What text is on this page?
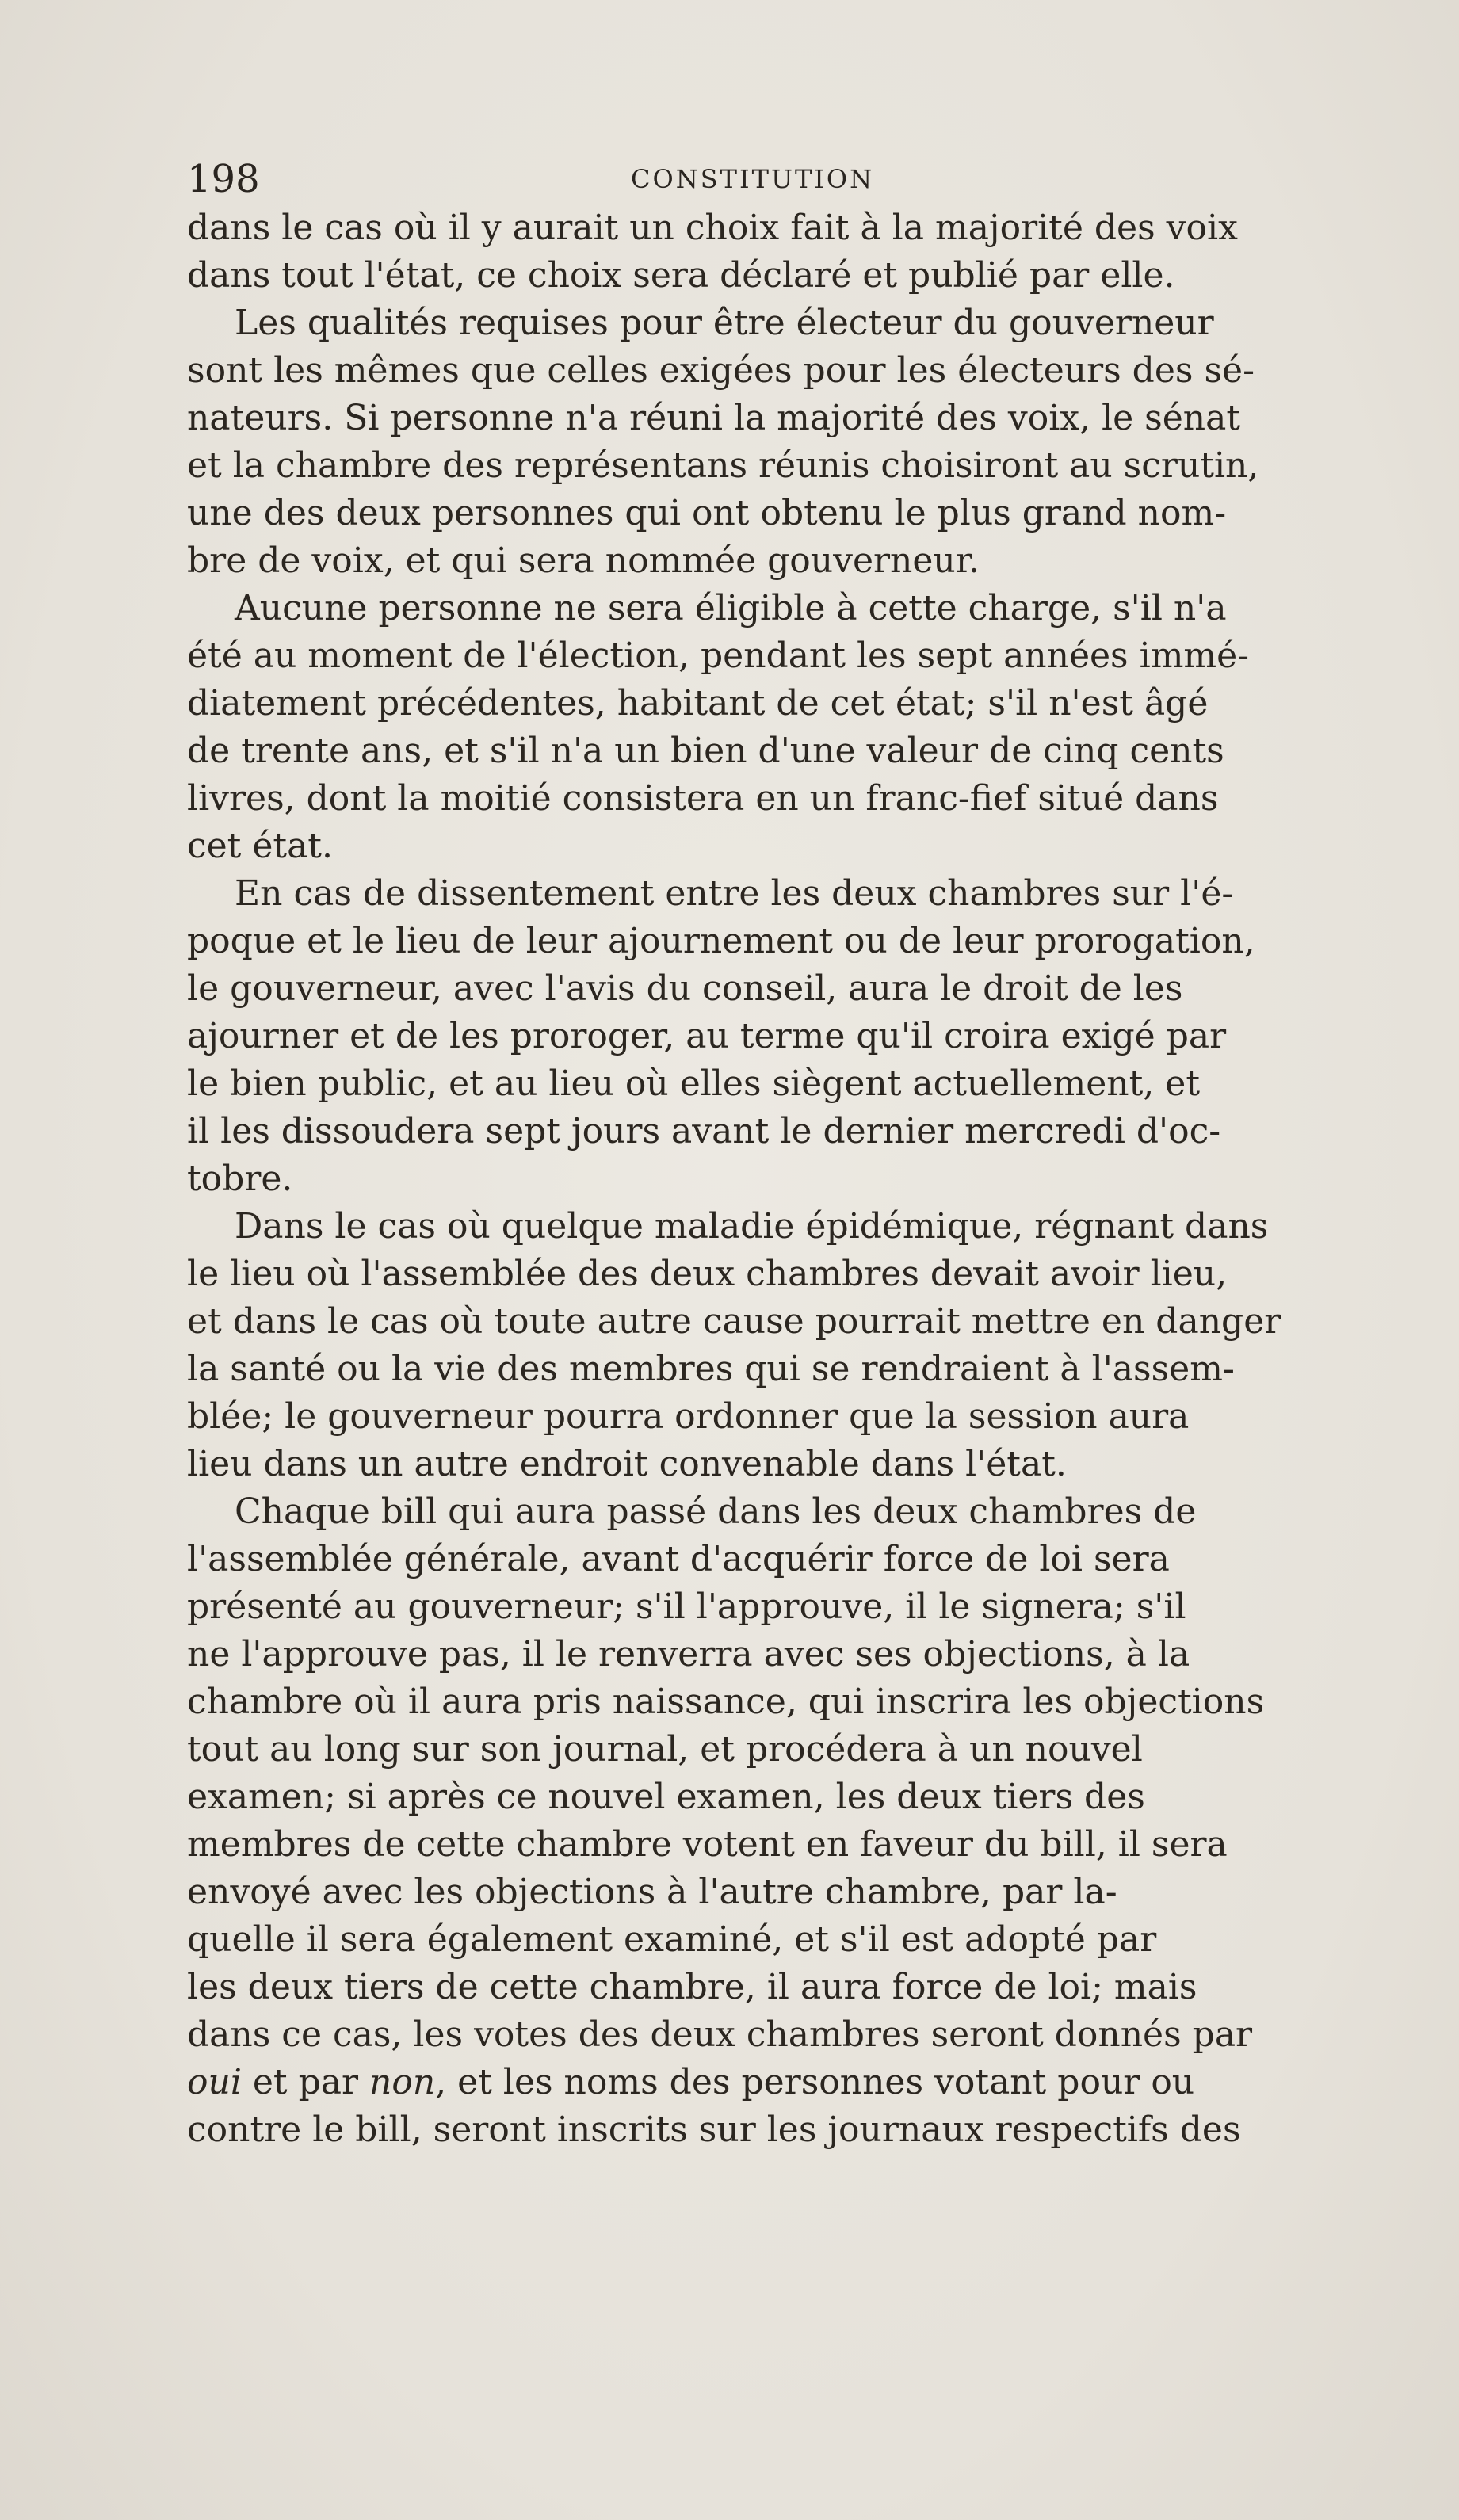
198	CONSTITUTION

dans le cas où il y aurait un choix fait à la majorité des voix
dans tout l'état, ce choix sera déclaré et publié par elle.

Les qualités requises pour être électeur du gouverneur
sont les mêmes que celles exigées pour les électeurs des sé-
nateurs. Si personne n'a réuni la majorité des voix, le sénat
et la chambre des représentans réunis choisiront au scrutin,
une des deux personnes qui ont obtenu le plus grand nom-
bre de voix, et qui sera nommée gouverneur.

Aucune personne ne sera éligible à cette charge, s'il n'a
été au moment de l'élection, pendant les sept années immé-
diatement précédentes, habitant de cet état; s'il n'est âgé
de trente ans, et s'il n'a un bien d'une valeur de cinq cents
livres, dont la moitié consistera en un franc-fief situé dans
cet état.

En cas de dissentement entre les deux chambres sur l'é-
poque et le lieu de leur ajournement ou de leur prorogation,
le gouverneur, avec l'avis du conseil, aura le droit de les
ajourner et de les proroger, au terme qu'il croira exigé par
le bien public, et au lieu où elles siègent actuellement, et
il les dissoudera sept jours avant le dernier mercredi d'oc-
tobre.

Dans le cas où quelque maladie épidémique, régnant dans
le lieu où l'assemblée des deux chambres devait avoir lieu,
et dans le cas où toute autre cause pourrait mettre en danger
la santé ou la vie des membres qui se rendraient à l'assem-
blée; le gouverneur pourra ordonner que la session aura
lieu dans un autre endroit convenable dans l'état.

Chaque bill qui aura passé dans les deux chambres de
l'assemblée générale, avant d'acquérir force de loi sera
présenté au gouverneur; s'il l'approuve, il le signera; s'il
ne l'approuve pas, il le renverra avec ses objections, à la
chambre où il aura pris naissance, qui inscrira les objections
tout au long sur son journal, et procédera à un nouvel
examen; si après ce nouvel examen, les deux tiers des
membres de cette chambre votent en faveur du bill, il sera
envoyé avec les objections à l'autre chambre, par la-
quelle il sera également examiné, et s'il est adopté par
les deux tiers de cette chambre, il aura force de loi; mais
dans ce cas, les votes des deux chambres seront donnés par
oui et par non, et les noms des personnes votant pour ou
contre le bill, seront inscrits sur les journaux respectifs des
